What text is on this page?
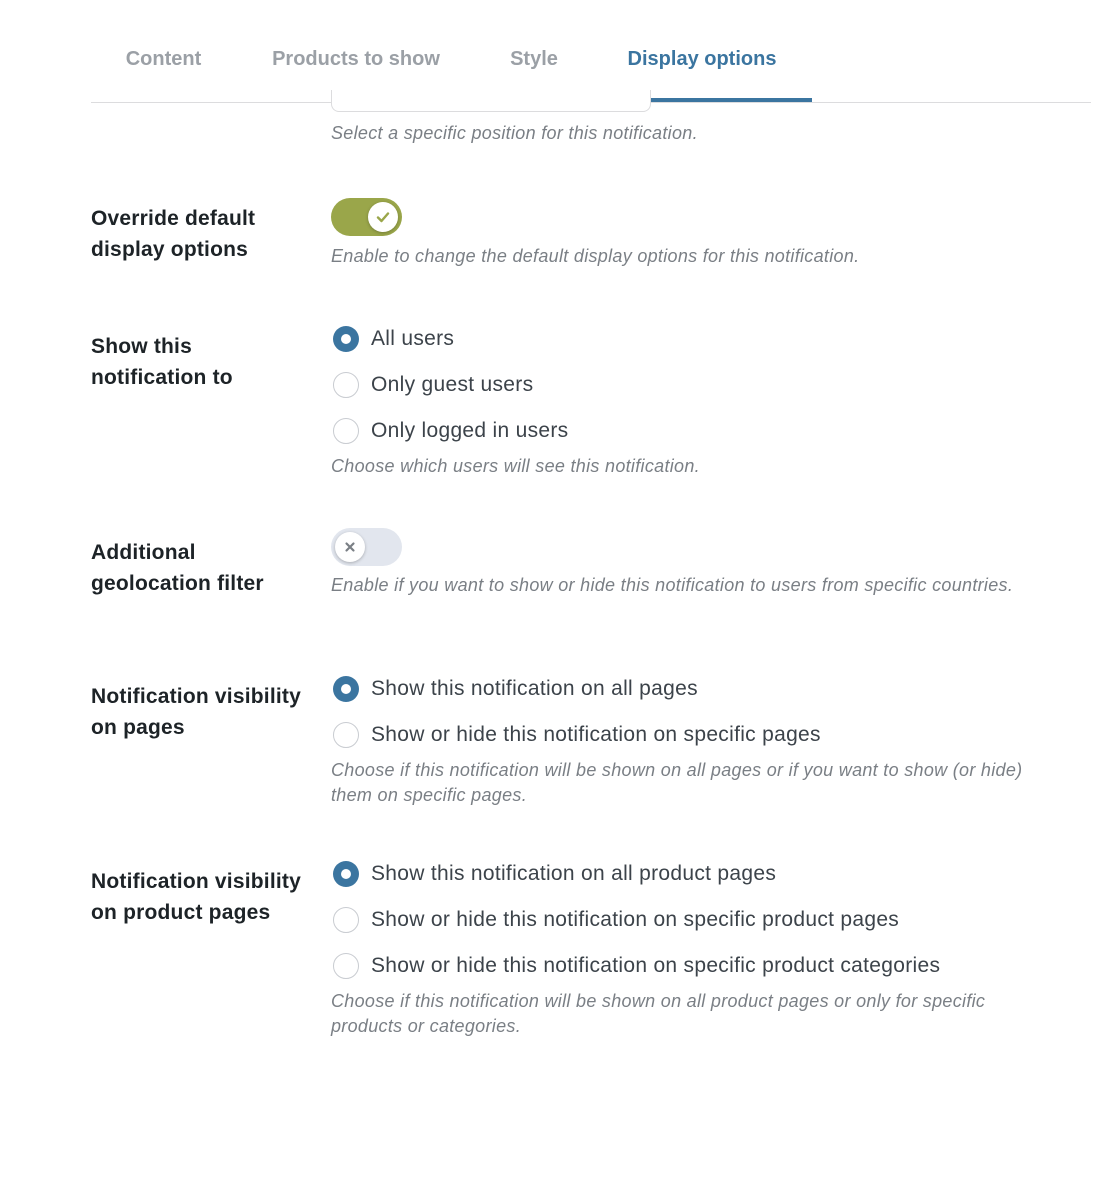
Content	Products to show	Style	Display options
Select a specific position for this notification.
Override default display options	Enable to change the default display options for this notification.
Show this notification to
All users
Only guest users
Only logged in users
Choose which users will see this notification.
Additional geolocation filter	Enable if you want to show or hide this notification to users from specific countries.
Notification visibility on pages
Show this notification on all pages
Show or hide this notification on specific pages
Choose if this notification will be shown on all pages or if you want to show (or hide) them on specific pages.
Notification visibility on product pages
Show this notification on all product pages
Show or hide this notification on specific product pages
Show or hide this notification on specific product categories
Choose if this notification will be shown on all product pages or only for specific products or categories.
